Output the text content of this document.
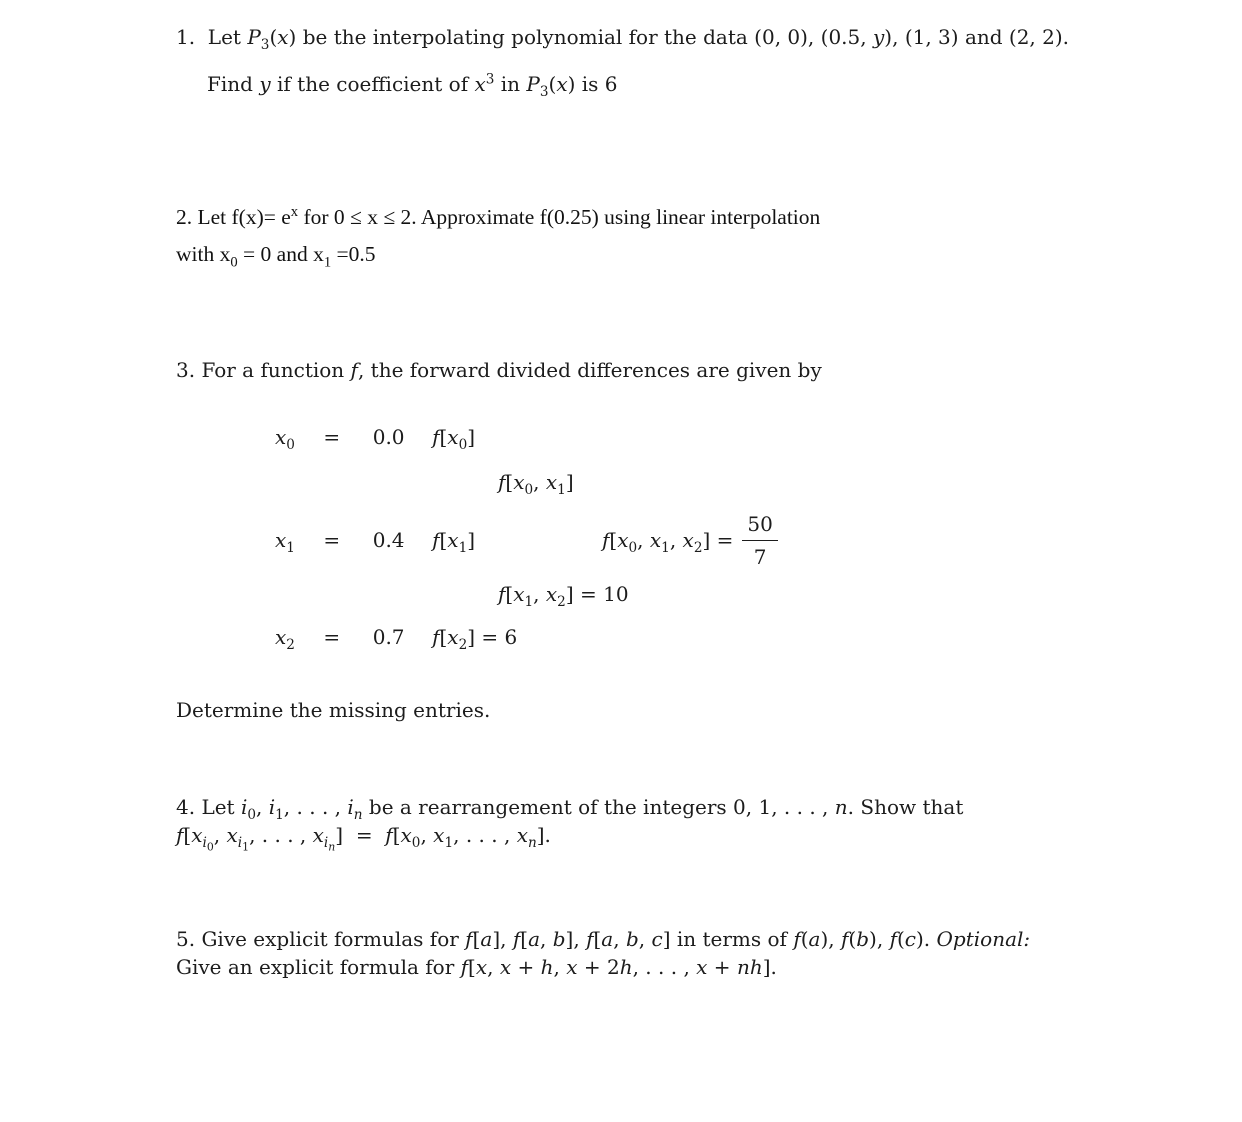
1.  Let $P_3(x)$ be the interpolating polynomial for the data (0, 0), (0.5, y), (1, 3) and (2, 2).
Find y if the coefficient of $x^3$ in $P_3(x)$ is 6
2. Let $f(x)= e^x$ for 0 ≤ x ≤ 2. Approximate f(0.25) using linear interpolation
with $x_0 = 0$ and $x_1 =0.5$
3. For a function f, the forward divided differences are given by
$x_0 = 0.0$ $f[x_0]$
$f[x_0$, $x_1$]
$x_1 = 0.4$ $f[x_1]$	$f[x_0$, $x_1$, $x_2] = \frac{50}{7}$
$f[x_1$, $x_2] = 10$
$x_2 = 0.7$ $f[x_2] = 6$
Determine the missing entries.
4. Let $i_0$, $i_1$, . . . , $i_n$ be a rearrangement of the integers 0, 1, . . . , n. Show that
$f[x_{i_0}$, $x_{i_1}$, . . . , $x_{i_n}] = f[x_0$, $x_1$, . . . , $x_n$].
5. Give explicit formulas for f[a], f[a, b], f[a, b, c] in terms of f(a), f(b), f(c). Optional:
Give an explicit formula for f[x, x + h, x + 2h, . . . , x + nh].
